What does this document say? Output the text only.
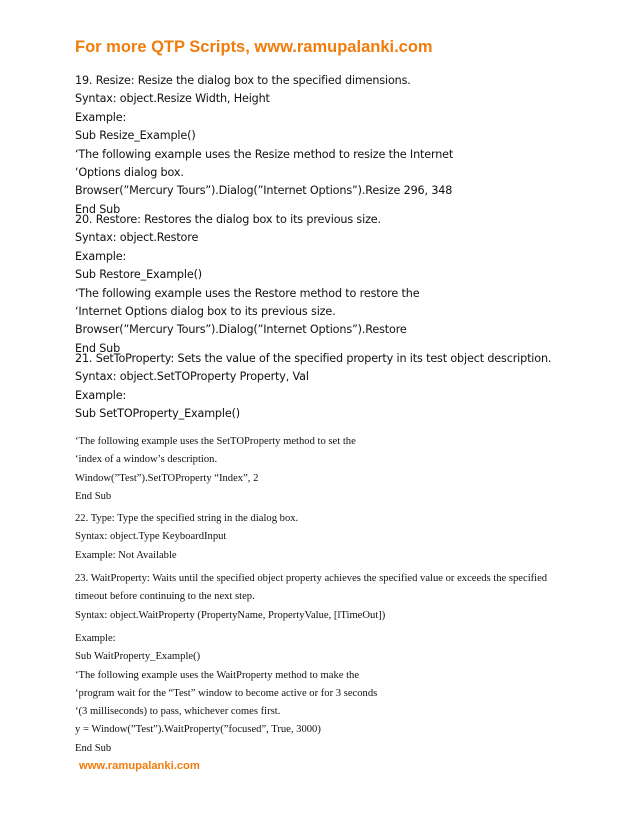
For more QTP Scripts, www.ramupalanki.com
19. Resize: Resize the dialog box to the specified dimensions.
Syntax: object.Resize Width, Height
Example:
Sub Resize_Example()
‘The following example uses the Resize method to resize the Internet
‘Options dialog box.
Browser(”Mercury Tours”).Dialog(”Internet Options”).Resize 296, 348
End Sub
20. Restore: Restores the dialog box to its previous size.
Syntax: object.Restore
Example:
Sub Restore_Example()
‘The following example uses the Restore method to restore the
‘Internet Options dialog box to its previous size.
Browser(”Mercury Tours”).Dialog(”Internet Options”).Restore
End Sub
21. SetToProperty: Sets the value of the specified property in its test object description.
Syntax: object.SetTOProperty Property, Val
Example:
Sub SetTOProperty_Example()
‘The following example uses the SetTOProperty method to set the
‘index of a window’s description.
Window(”Test”).SetTOProperty “Index”, 2
End Sub
22. Type: Type the specified string in the dialog box.
Syntax: object.Type KeyboardInput
Example: Not Available
23. WaitProperty: Waits until the specified object property achieves the specified value or exceeds the specified
timeout before continuing to the next step.
Syntax: object.WaitProperty (PropertyName, PropertyValue, [lTimeOut])
Example:
Sub WaitProperty_Example()
‘The following example uses the WaitProperty method to make the
‘program wait for the “Test” window to become active or for 3 seconds
‘(3 milliseconds) to pass, whichever comes first.
y = Window(”Test”).WaitProperty(”focused”, True, 3000)
End Sub
www.ramupalanki.com
